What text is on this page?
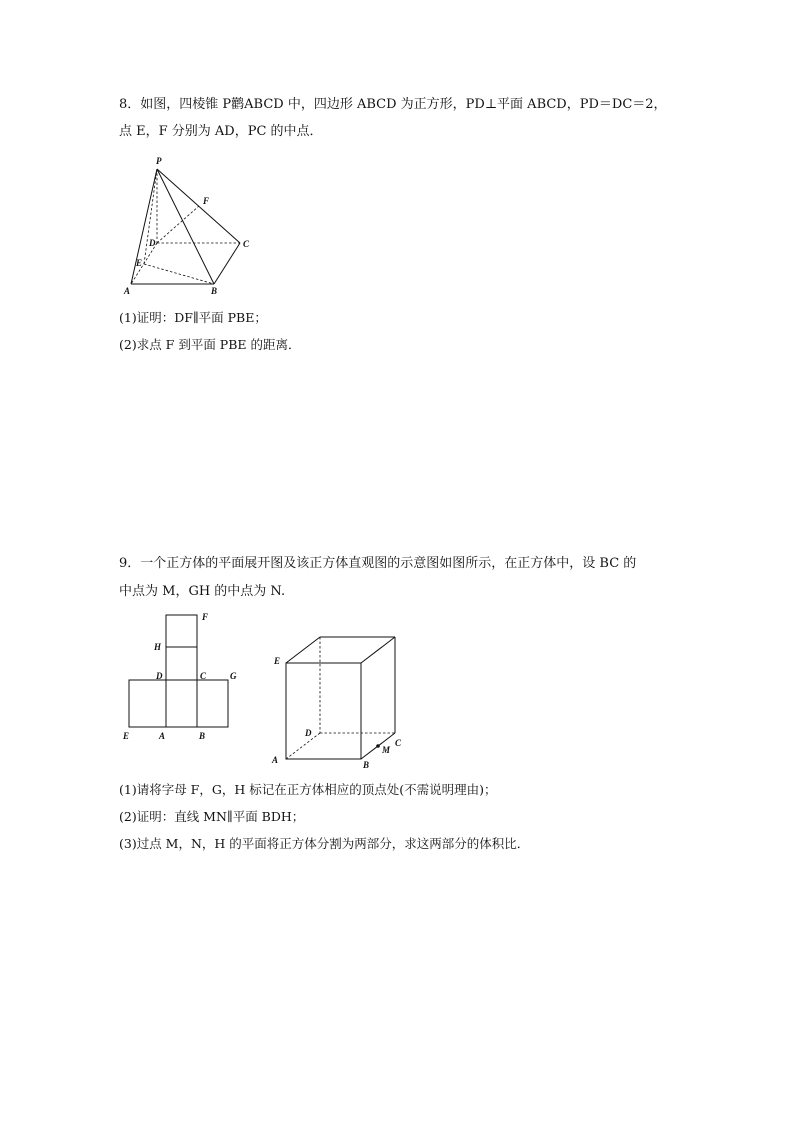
8．如图，四棱锥 P鹳ABCD 中，四边形 ABCD 为正方形，PD⊥平面 ABCD，PD＝DC＝2，
点 E，F 分别为 AD，PC 的中点．
P
F
D	C
E
A	B
(1)证明：DF∥平面 PBE；
(2)求点 F 到平面 PBE 的距离．
9．一个正方体的平面展开图及该正方体直观图的示意图如图所示，在正方体中，设 BC 的
中点为 M，GH 的中点为 N.
F
H
D	C	G
E	A	B
E
D
A	B
M
C
(1)请将字母 F，G，H 标记在正方体相应的顶点处(不需说明理由)；
(2)证明：直线 MN∥平面 BDH；
(3)过点 M，N，H 的平面将正方体分割为两部分，求这两部分的体积比．
